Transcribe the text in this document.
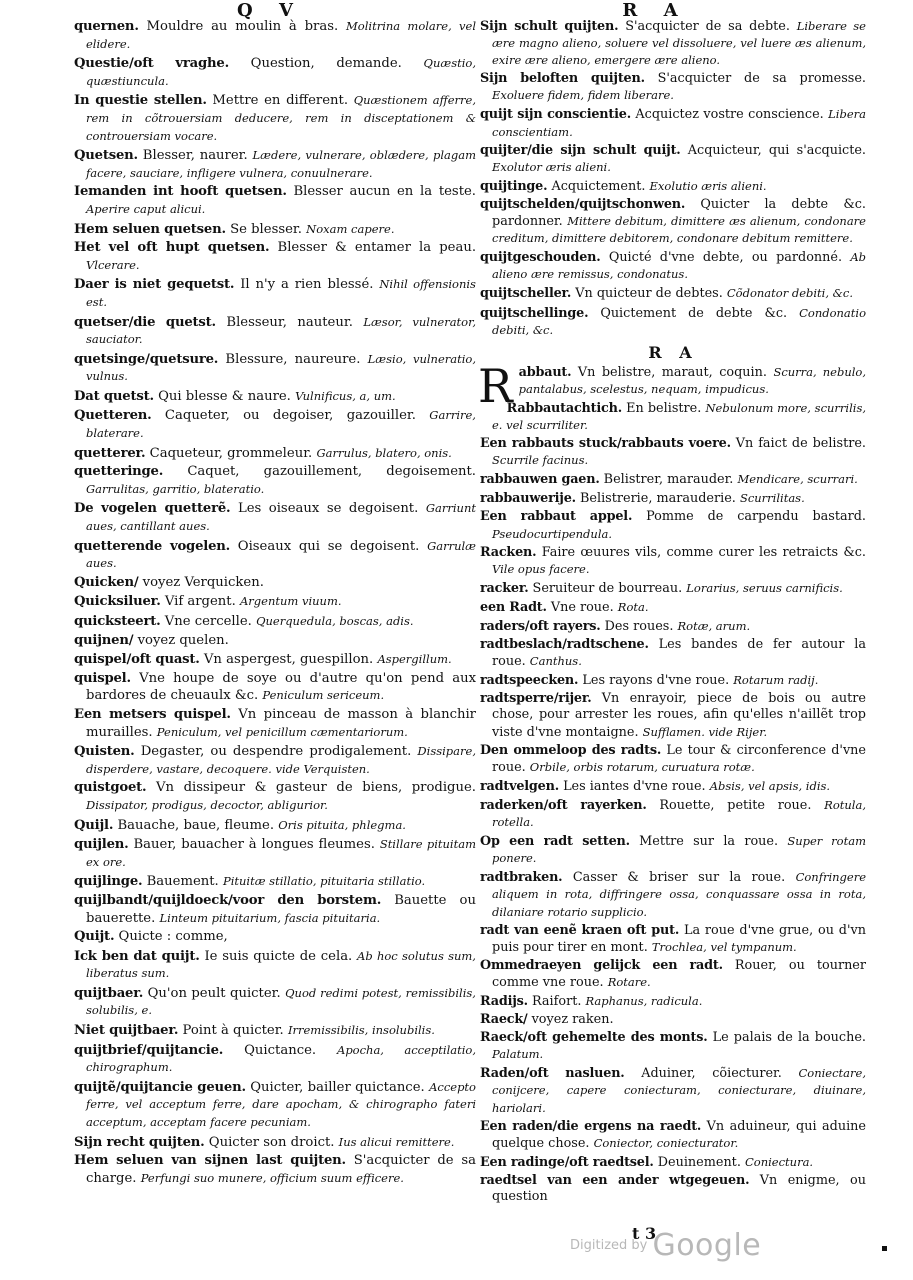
Q V	R A

quernen. Mouldre au moulin à bras. Molitrina molare, vel elidere.

Questie/oft vraghe. Question, demande. Quæstio, quæstiuncula.

In questie stellen. Mettre en different. Quæstionem afferre, rem in cõtrouersiam deducere, rem in disceptationem & controuersiam vocare.

Quetsen. Blesser, naurer. Lædere, vulnerare, oblædere, plagam facere, sauciare, infligere vulnera, conuulnerare.

Iemanden int hooft quetsen. Blesser aucun en la teste. Aperire caput alicui.

Hem seluen quetsen. Se blesser. Noxam capere.

Het vel oft hupt quetsen. Blesser & entamer la peau. Vlcerare.

Daer is niet gequetst. Il n'y a rien blessé. Nihil offensionis est.

quetser/die quetst. Blesseur, nauteur. Læsor, vulnerator, sauciator.

quetsinge/quetsure. Blessure, naureure. Læsio, vulneratio, vulnus.

Dat quetst. Qui blesse & naure. Vulnificus, a, um.

Quetteren. Caqueter, ou degoiser, gazouiller. Garrire, blaterare.

quetterer. Caqueteur, grommeleur. Garrulus, blatero, onis.

quetteringe. Caquet, gazouillement, degoisement. Garrulitas, garritio, blateratio.

De vogelen quetterẽ. Les oiseaux se degoisent. Garriunt aues, cantillant aues.

quetterende vogelen. Oiseaux qui se degoisent. Garrulæ aues.

Quicken/ voyez Verquicken.

Quicksiluer. Vif argent. Argentum viuum.

quicksteert. Vne cercelle. Querquedula, boscas, adis.

quijnen/ voyez quelen.

quispel/oft quast. Vn aspergest, guespillon. Aspergillum.

quispel. Vne houpe de soye ou d'autre qu'on pend aux bardores de cheuaulx &c. Peniculum sericeum.

Een metsers quispel. Vn pinceau de masson à blanchir murailles. Peniculum, vel penicillum cæmentariorum.

Quisten. Degaster, ou despendre prodigalement. Dissipare, disperdere, vastare, decoquere. vide Verquisten.

quistgoet. Vn dissipeur & gasteur de biens, prodigue. Dissipator, prodigus, decoctor, abligurior.

Quijl. Bauache, baue, fleume. Oris pituita, phlegma.

quijlen. Bauer, bauacher à longues fleumes. Stillare pituitam ex ore.

quijlinge. Bauement. Pituitæ stillatio, pituitaria stillatio.

quijlbandt/quijldoeck/voor den borstem. Bauette ou bauerette. Linteum pituitarium, fascia pituitaria.

Quijt. Quicte : comme,

Ick ben dat quijt. Ie suis quicte de cela. Ab hoc solutus sum, liberatus sum.

quijtbaer. Qu'on peult quicter. Quod redimi potest, remissibilis, solubilis, e.

Niet quijtbaer. Point à quicter. Irremissibilis, insolubilis.

quijtbrief/quijtancie. Quictance. Apocha, acceptilatio, chirographum.

quijtẽ/quijtancie geuen. Quicter, bailler quictance. Accepto ferre, vel acceptum ferre, dare apocham, & chirographo fateri acceptum, acceptam facere pecuniam.

Sijn recht quijten. Quicter son droict. Ius alicui remittere.

Hem seluen van sijnen last quijten. S'acquicter de sa charge. Perfungi suo munere, officium suum efficere.

Sijn schult quijten. S'acquicter de sa debte. Liberare se ære magno alieno, soluere vel dissoluere, vel luere æs alienum, exire ære alieno, emergere ære alieno.

Sijn beloften quijten. S'acquicter de sa promesse. Exoluere fidem, fidem liberare.

quijt sijn conscientie. Acquictez vostre conscience. Libera conscientiam.

quijter/die sijn schult quijt. Acquicteur, qui s'acquicte. Exolutor æris alieni.

quijtinge. Acquictement. Exolutio æris alieni.

quijtschelden/quijtschonwen. Quicter la debte &c. pardonner. Mittere debitum, dimittere æs alienum, condonare creditum, dimittere debitorem, condonare debitum remittere.

quijtgeschouden. Quicté d'vne debte, ou pardonné. Ab alieno ære remissus, condonatus.

quijtscheller. Vn quicteur de debtes. Cõdonator debiti, &c.

quijtschellinge. Quictement de debte &c. Condonatio debiti, &c.

R A

Rabbaut. Vn belistre, maraut, coquin. Scurra, nebulo, pantalabus, scelestus, nequam, impudicus.

Rabbautachtich. En belistre. Nebulonum more, scurrilis, e. vel scurriliter.

Een rabbauts stuck/rabbauts voere. Vn faict de belistre. Scurrile facinus.

rabbauwen gaen. Belistrer, marauder. Mendicare, scurrari.

rabbauwerije. Belistrerie, marauderie. Scurrilitas.

Een rabbaut appel. Pomme de carpendu bastard. Pseudocurtipendula.

Racken. Faire œuures vils, comme curer les retraicts &c. Vile opus facere.

racker. Seruiteur de bourreau. Lorarius, seruus carnificis.

een Radt. Vne roue. Rota.

raders/oft rayers. Des roues. Rotæ, arum.

radtbeslach/radtschene. Les bandes de fer autour la roue. Canthus.

radtspeecken. Les rayons d'vne roue. Rotarum radij.

radtsperre/rijer. Vn enrayoir, piece de bois ou autre chose, pour arrester les roues, afin qu'elles n'aillẽt trop viste d'vne montaigne. Sufflamen. vide Rijer.

Den ommeloop des radts. Le tour & circonference d'vne roue. Orbile, orbis rotarum, curuatura rotæ.

radtvelgen. Les iantes d'vne roue. Absis, vel apsis, idis.

raderken/oft rayerken. Rouette, petite roue. Rotula, rotella.

Op een radt setten. Mettre sur la roue. Super rotam ponere.

radtbraken. Casser & briser sur la roue. Confringere aliquem in rota, diffringere ossa, conquassare ossa in rota, dilaniare rotario supplicio.

radt van eenẽ kraen oft put. La roue d'vne grue, ou d'vn puis pour tirer en mont. Trochlea, vel tympanum.

Ommedraeyen gelijck een radt. Rouer, ou tourner comme vne roue. Rotare.

Radijs. Raifort. Raphanus, radicula.

Raeck/ voyez raken.

Raeck/oft gehemelte des monts. Le palais de la bouche. Palatum.

Raden/oft nasluen. Aduiner, cõiecturer. Coniectare, conijcere, capere coniecturam, coniecturare, diuinare, hariolari.

Een raden/die ergens na raedt. Vn aduineur, qui aduine quelque chose. Coniector, coniecturator.

Een radinge/oft raedtsel. Deuinement. Coniectura.

raedtsel van een ander wtgegeuen. Vn enigme, ou question

t 3
Digitized by Google
